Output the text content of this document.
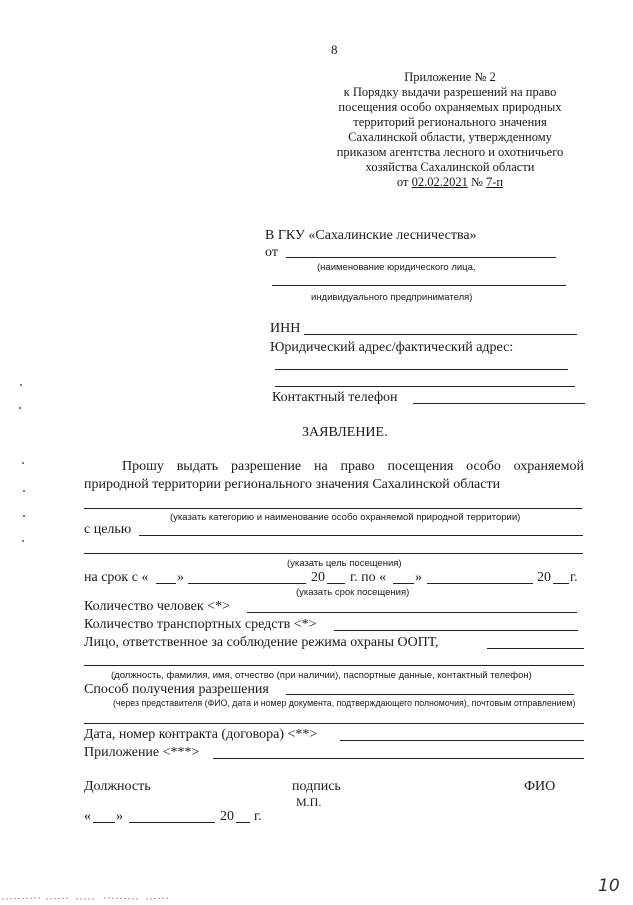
8
Приложение № 2
к Порядку выдачи разрешений на право
посещения особо охраняемых природных
территорий регионального значения
Сахалинской области, утвержденному
приказом агентства лесного и охотничьего
хозяйства Сахалинской области
от 02.02.2021 № 7-п
В ГКУ «Сахалинские лесничества»
от
(наименование юридического лица,
индивидуального предпринимателя)
ИНН
Юридический адрес/фактический адрес:
Контактный телефон
ЗАЯВЛЕНИЕ.
Прошу выдать разрешение на право посещения особо охраняемой природной территории регионального значения Сахалинской области
(указать категорию и наименование особо охраняемой природной территории)
с целью
(указать цель посещения)
на срок с « »	20 г. по « »	20 г.
(указать срок посещения)
Количество человек <*>
Количество транспортных средств <*>
Лицо, ответственное за соблюдение режима охраны ООПТ,
(должность, фамилия, имя, отчество (при наличии), паспортные данные, контактный телефон)
Способ получения разрешения
(через представителя (ФИО, дата и номер документа, подтверждающего полномочия), почтовым отправлением)
Дата, номер контракта (договора) <**>
Приложение <***>
Должность	подпись
М.П.
ФИО
« »	20 г.
10
